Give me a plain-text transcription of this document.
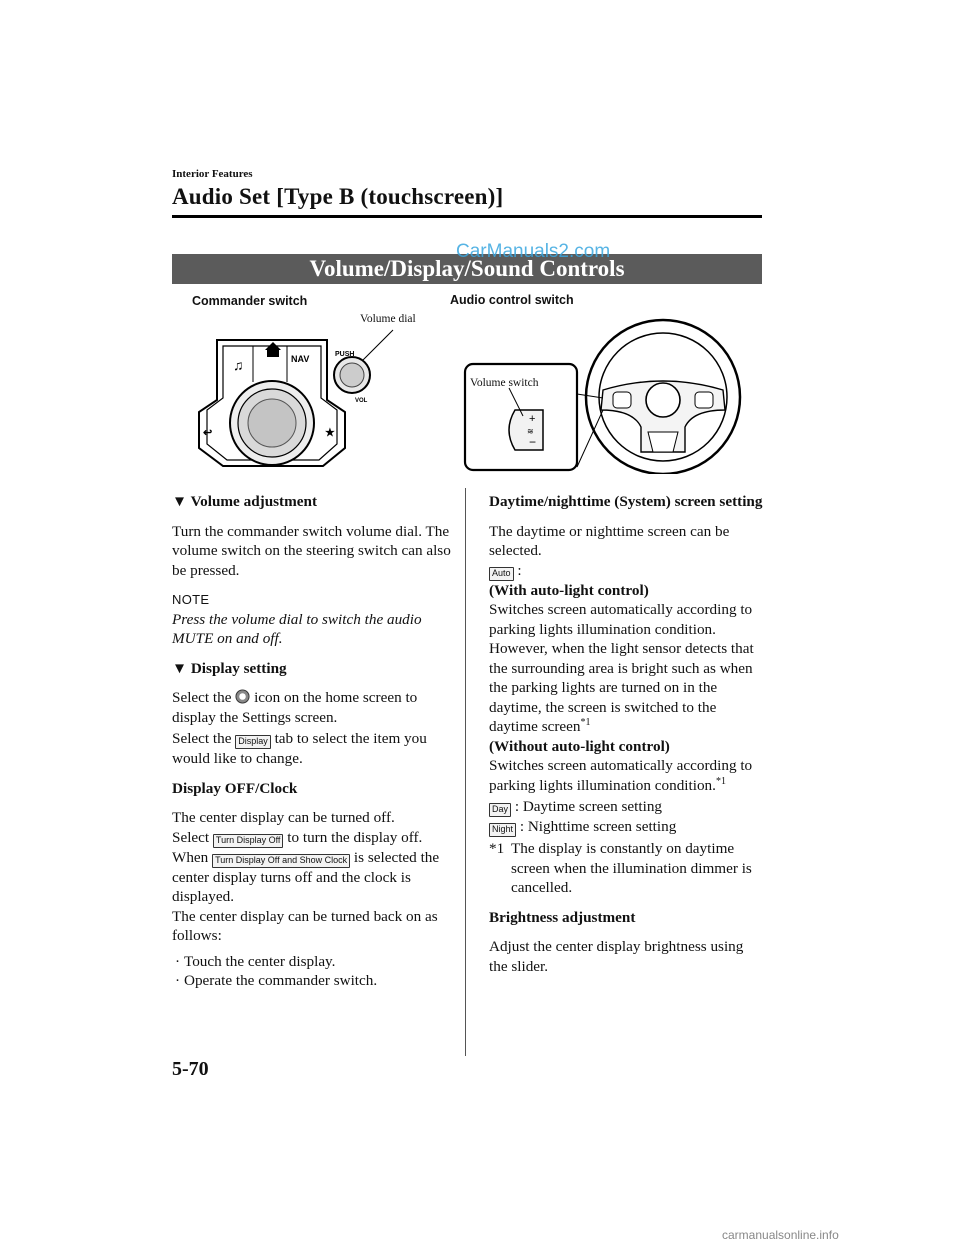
Interior Features
Audio Set [Type B (touchscreen)]
Volume/Display/Sound Controls
CarManuals2.com
Commander switch
Volume dial
♫	NAV
↩	★
PUSH
VOL
Audio control switch
+
−
≋
Volume switch

▼ Volume adjustment

Turn the commander switch volume dial. The volume switch on the steering switch can also be pressed.

NOTE

Press the volume dial to switch the audio MUTE on and off.

▼ Display setting

Select the icon on the home screen to display the Settings screen.

Select the Display tab to select the item you would like to change.

Display OFF/Clock

The center display can be turned off.

Select Turn Display Off to turn the display off.

When Turn Display Off and Show Clock is selected the center display turns off and the clock is displayed.

The center display can be turned back on as follows:

· Touch the center display.
· Operate the commander switch.

Daytime/nighttime (System) screen setting

The daytime or nighttime screen can be selected.

Auto :

(With auto-light control)

Switches screen automatically according to parking lights illumination condition. However, when the light sensor detects that the surrounding area is bright such as when the parking lights are turned on in the daytime, the screen is switched to the daytime screen$^{*1}$

(Without auto-light control)

Switches screen automatically according to parking lights illumination condition.$^{*1}$

Day : Daytime screen setting

Night : Nighttime screen setting

*1 The display is constantly on daytime screen when the illumination dimmer is cancelled.

Brightness adjustment

Adjust the center display brightness using the slider.

5-70
carmanualsonline.info
